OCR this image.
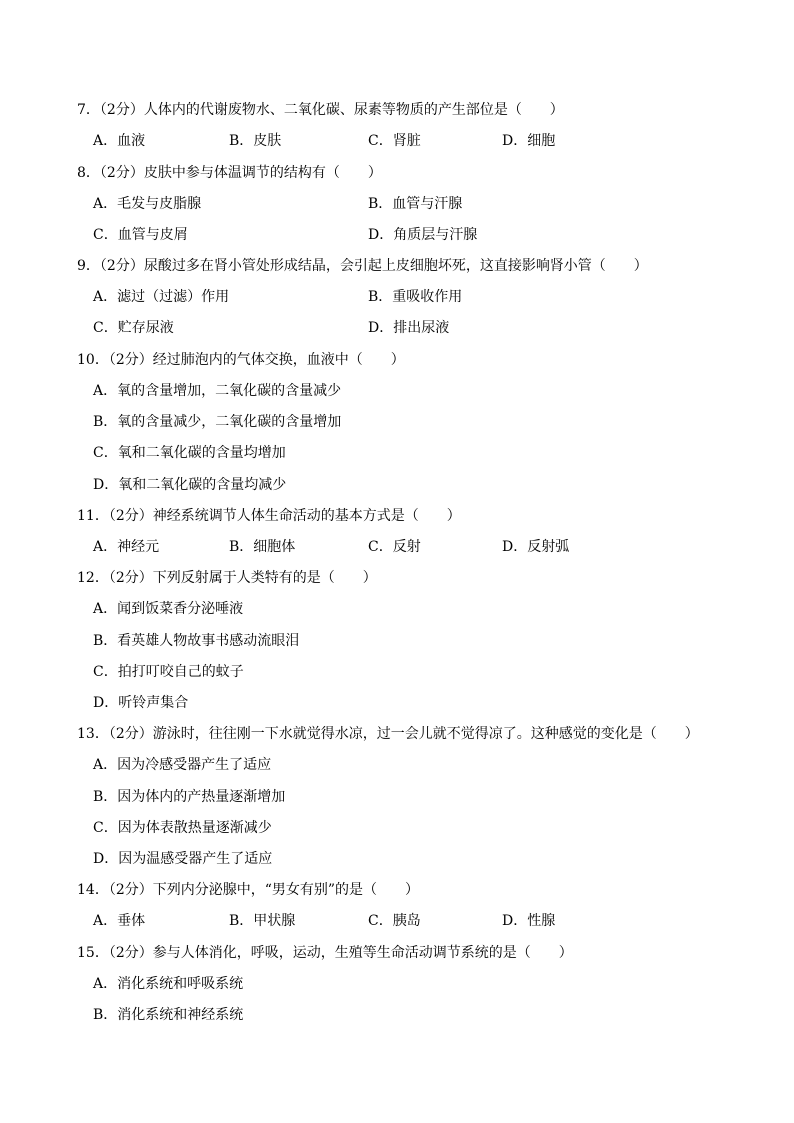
7．（2分）人体内的代谢废物水、二氧化碳、尿素等物质的产生部位是（　　）
A．血液	B．皮肤	C．肾脏	D．细胞
8．（2分）皮肤中参与体温调节的结构有（　　）
A．毛发与皮脂腺	B．血管与汗腺
C．血管与皮屑	D．角质层与汗腺
9．（2分）尿酸过多在肾小管处形成结晶，会引起上皮细胞坏死，这直接影响肾小管（　　）
A．滤过（过滤）作用	B．重吸收作用
C．贮存尿液	D．排出尿液
10．（2分）经过肺泡内的气体交换，血液中（　　）
A．氧的含量增加，二氧化碳的含量减少
B．氧的含量减少，二氧化碳的含量增加
C．氧和二氧化碳的含量均增加
D．氧和二氧化碳的含量均减少
11．（2分）神经系统调节人体生命活动的基本方式是（　　）
A．神经元	B．细胞体	C．反射	D．反射弧
12．（2分）下列反射属于人类特有的是（　　）
A．闻到饭菜香分泌唾液
B．看英雄人物故事书感动流眼泪
C．拍打叮咬自己的蚊子
D．听铃声集合
13．（2分）游泳时，往往刚一下水就觉得水凉，过一会儿就不觉得凉了。这种感觉的变化是（　　）
A．因为冷感受器产生了适应
B．因为体内的产热量逐渐增加
C．因为体表散热量逐渐减少
D．因为温感受器产生了适应
14．（2分）下列内分泌腺中，“男女有别”的是（　　）
A．垂体	B．甲状腺	C．胰岛	D．性腺
15．（2分）参与人体消化，呼吸，运动，生殖等生命活动调节系统的是（　　）
A．消化系统和呼吸系统
B．消化系统和神经系统
